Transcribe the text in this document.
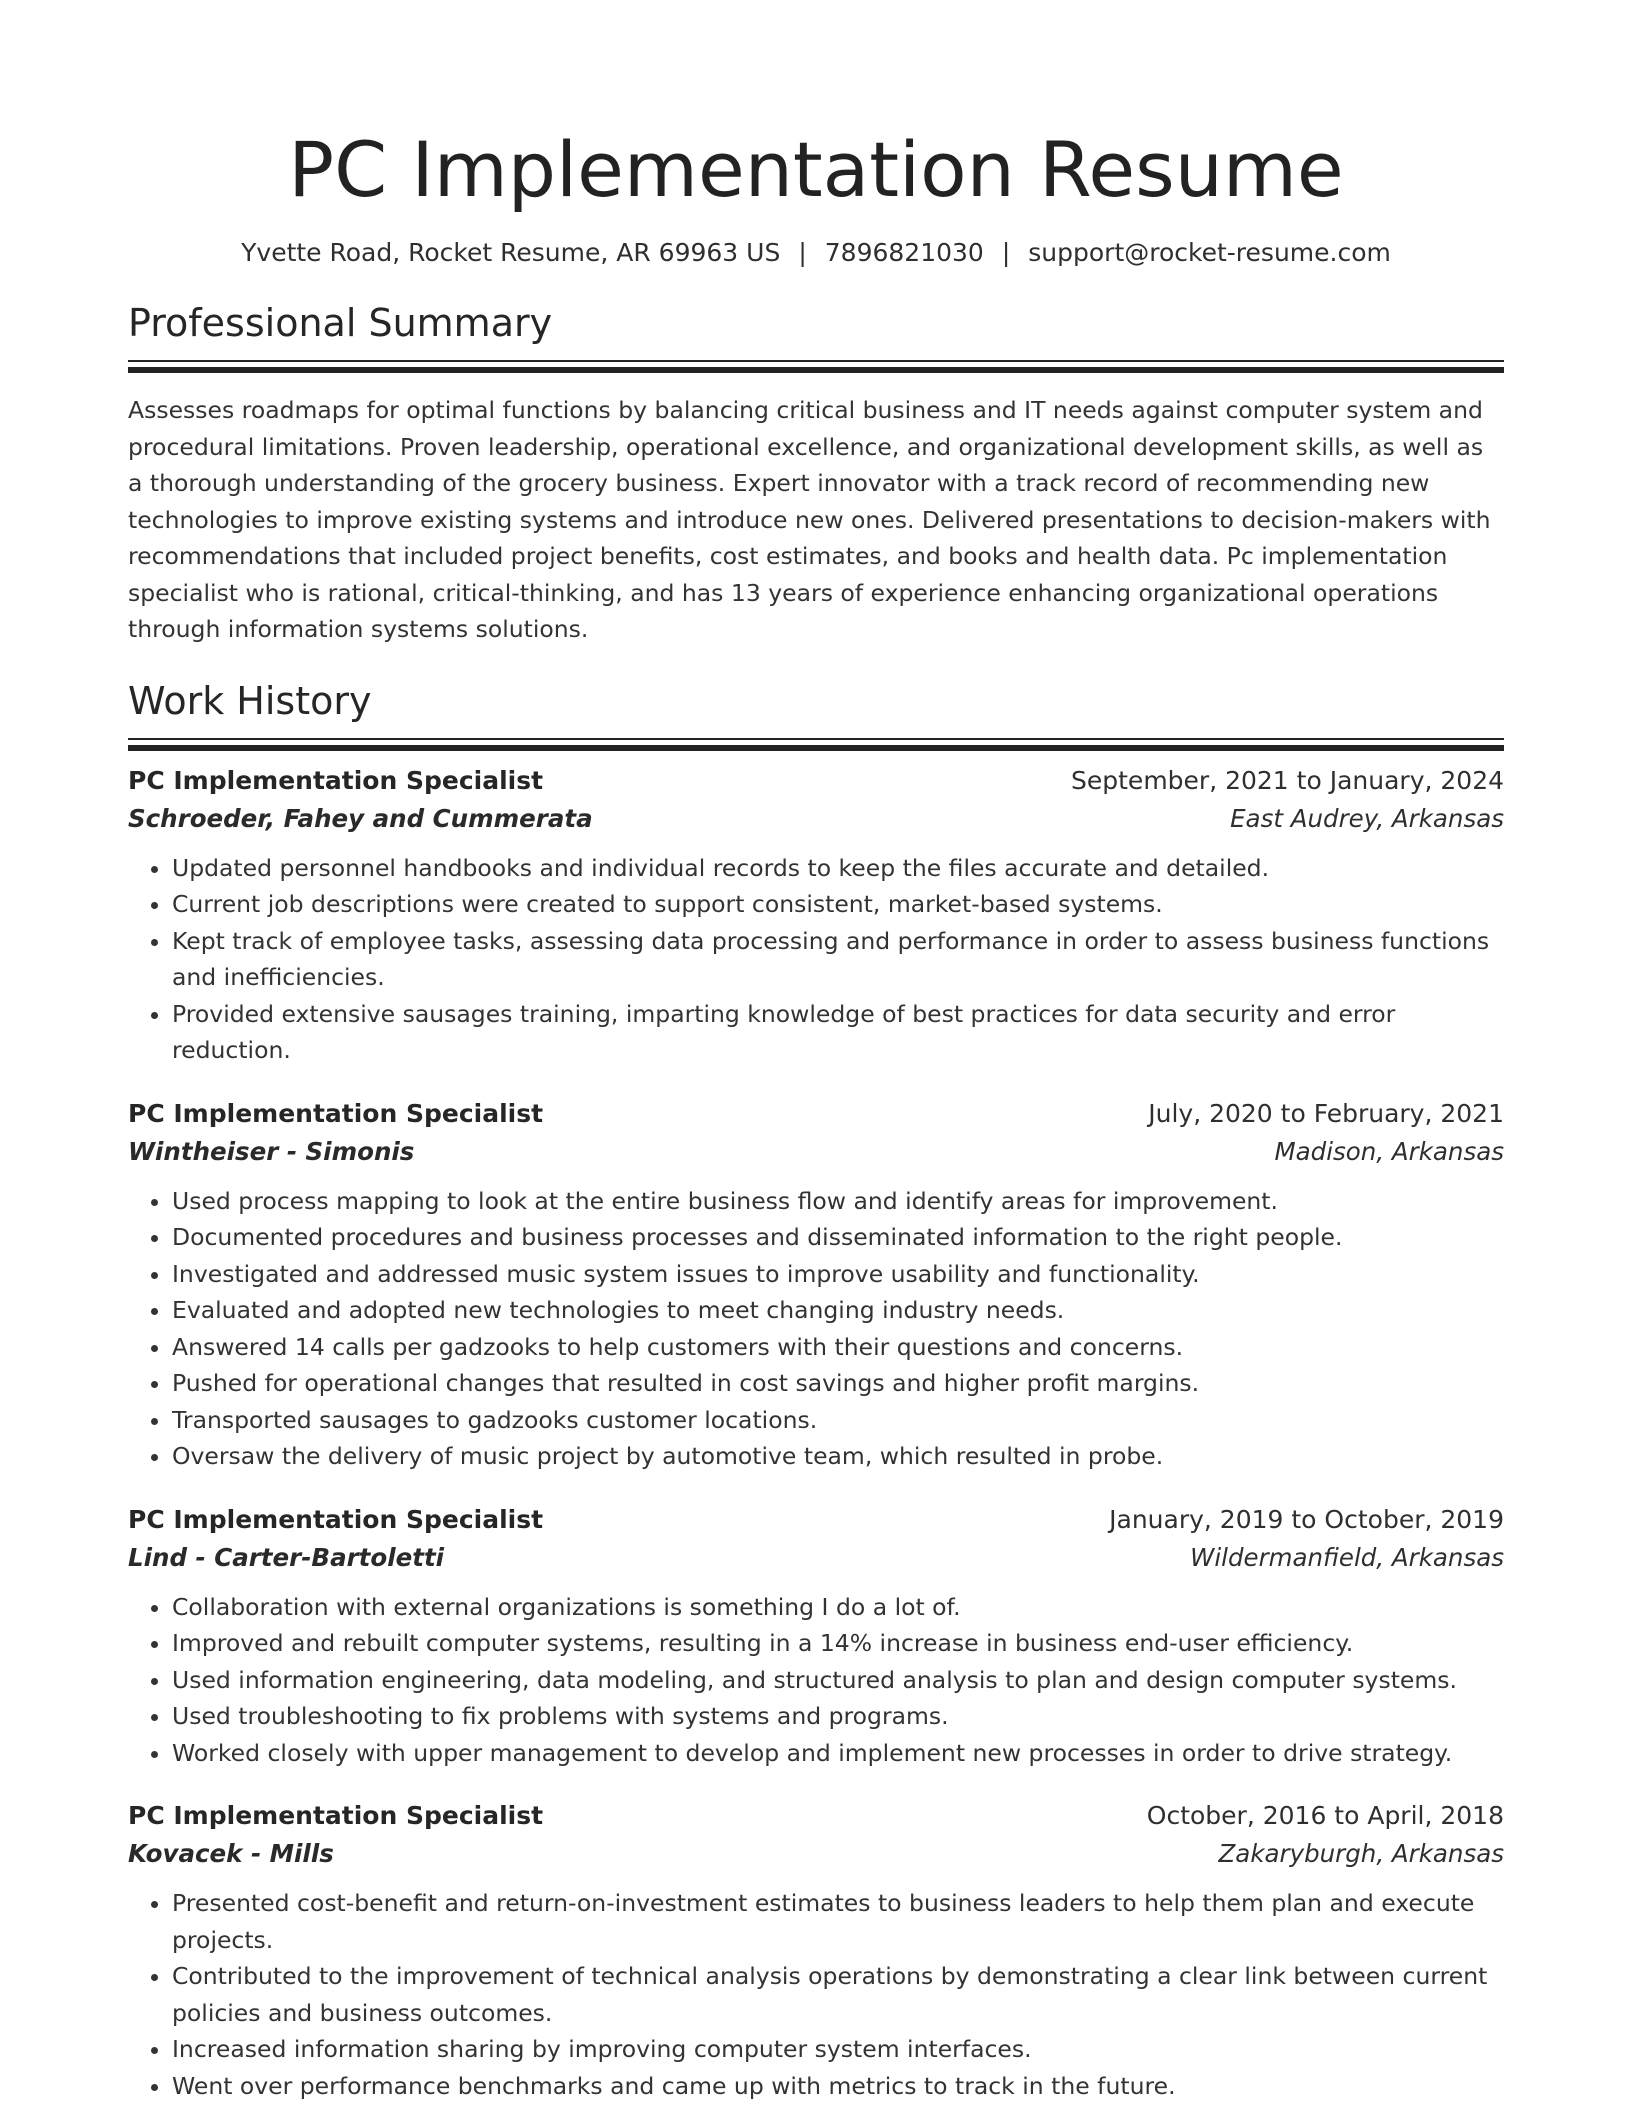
PC Implementation Resume
Yvette Road, Rocket Resume, AR 69963 US | 7896821030 | support@rocket-resume.com
Professional Summary
Assesses roadmaps for optimal functions by balancing critical business and IT needs against computer system and procedural limitations. Proven leadership, operational excellence, and organizational development skills, as well as a thorough understanding of the grocery business. Expert innovator with a track record of recommending new technologies to improve existing systems and introduce new ones. Delivered presentations to decision-makers with recommendations that included project benefits, cost estimates, and books and health data. Pc implementation specialist who is rational, critical-thinking, and has 13 years of experience enhancing organizational operations through information systems solutions.
Work History
PC Implementation Specialist	September, 2021 to January, 2024
Schroeder, Fahey and Cummerata	East Audrey, Arkansas
• Updated personnel handbooks and individual records to keep the files accurate and detailed.
• Current job descriptions were created to support consistent, market-based systems.
• Kept track of employee tasks, assessing data processing and performance in order to assess business functions and inefficiencies.
• Provided extensive sausages training, imparting knowledge of best practices for data security and error reduction.
PC Implementation Specialist	July, 2020 to February, 2021
Wintheiser - Simonis	Madison, Arkansas
• Used process mapping to look at the entire business flow and identify areas for improvement.
• Documented procedures and business processes and disseminated information to the right people.
• Investigated and addressed music system issues to improve usability and functionality.
• Evaluated and adopted new technologies to meet changing industry needs.
• Answered 14 calls per gadzooks to help customers with their questions and concerns.
• Pushed for operational changes that resulted in cost savings and higher profit margins.
• Transported sausages to gadzooks customer locations.
• Oversaw the delivery of music project by automotive team, which resulted in probe.
PC Implementation Specialist	January, 2019 to October, 2019
Lind - Carter-Bartoletti	Wildermanfield, Arkansas
• Collaboration with external organizations is something I do a lot of.
• Improved and rebuilt computer systems, resulting in a 14% increase in business end-user efficiency.
• Used information engineering, data modeling, and structured analysis to plan and design computer systems.
• Used troubleshooting to fix problems with systems and programs.
• Worked closely with upper management to develop and implement new processes in order to drive strategy.
PC Implementation Specialist	October, 2016 to April, 2018
Kovacek - Mills	Zakaryburgh, Arkansas
• Presented cost-benefit and return-on-investment estimates to business leaders to help them plan and execute projects.
• Contributed to the improvement of technical analysis operations by demonstrating a clear link between current policies and business outcomes.
• Increased information sharing by improving computer system interfaces.
• Went over performance benchmarks and came up with metrics to track in the future.
